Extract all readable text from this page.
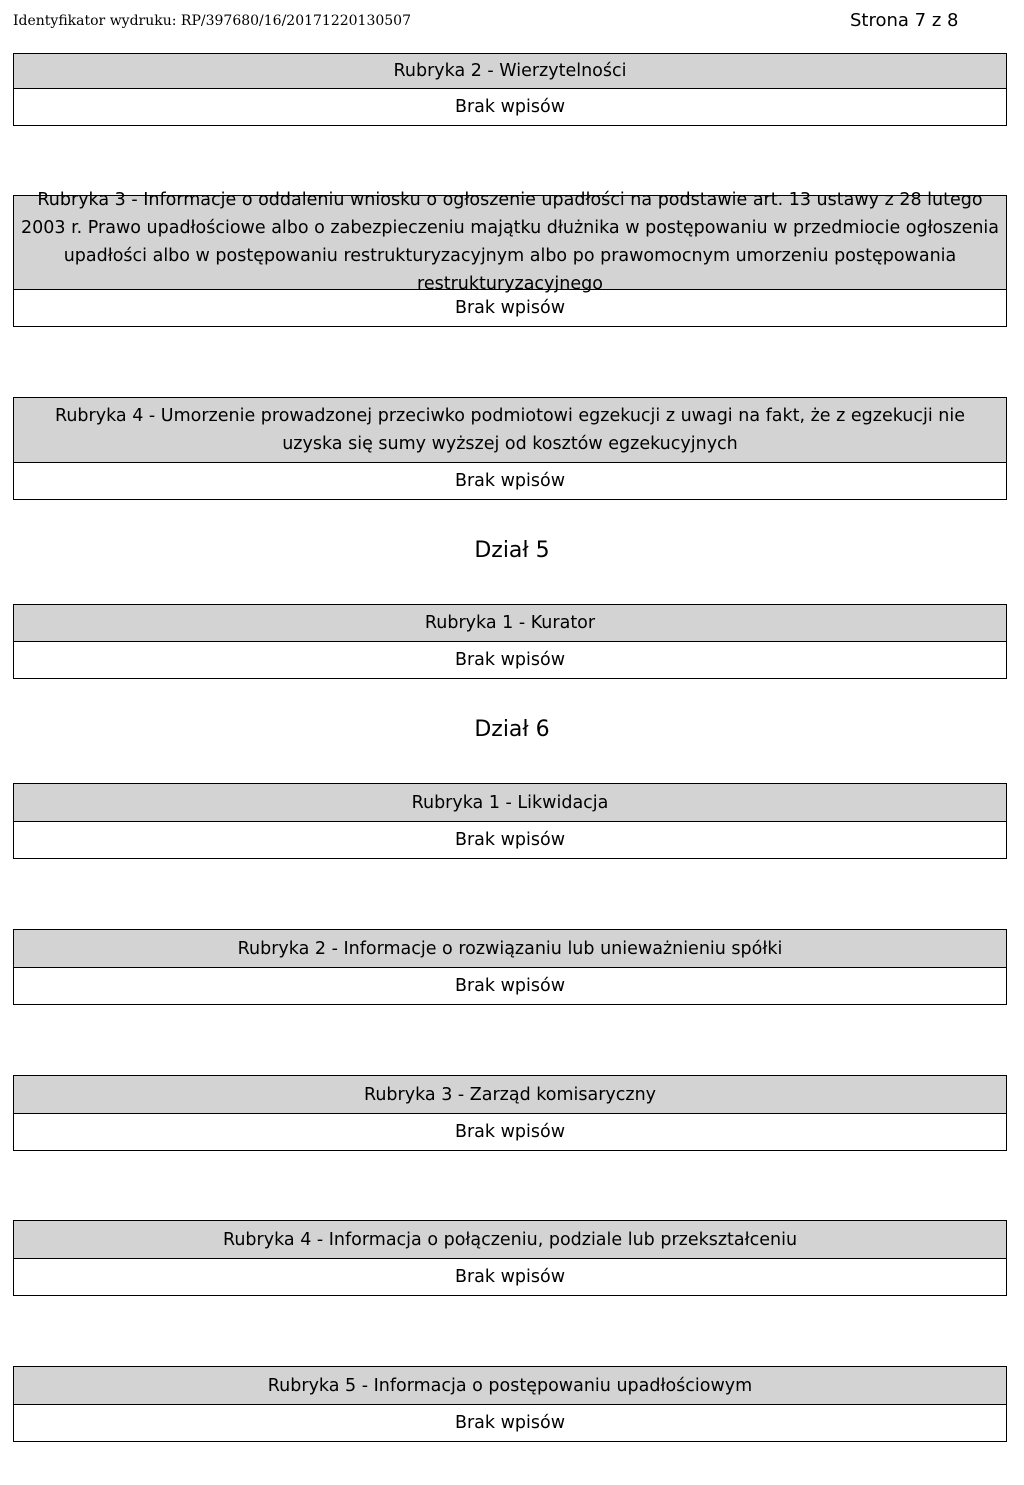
Identyfikator wydruku: RP/397680/16/20171220130507	Strona 7 z 8
Rubryka 2 - Wierzytelności
Brak wpisów
Rubryka 3 - Informacje o oddaleniu wniosku o ogłoszenie upadłości na podstawie art. 13 ustawy z 28 lutego 2003 r. Prawo upadłościowe albo o zabezpieczeniu majątku dłużnika w postępowaniu w przedmiocie ogłoszenia upadłości albo w postępowaniu restrukturyzacyjnym albo po prawomocnym umorzeniu postępowania restrukturyzacyjnego
Brak wpisów
Rubryka 4 - Umorzenie prowadzonej przeciwko podmiotowi egzekucji z uwagi na fakt, że z egzekucji nie uzyska się sumy wyższej od kosztów egzekucyjnych
Brak wpisów
Dział 5
Rubryka 1 - Kurator
Brak wpisów
Dział 6
Rubryka 1 - Likwidacja
Brak wpisów
Rubryka 2 - Informacje o rozwiązaniu lub unieważnieniu spółki
Brak wpisów
Rubryka 3 - Zarząd komisaryczny
Brak wpisów
Rubryka 4 - Informacja o połączeniu, podziale lub przekształceniu
Brak wpisów
Rubryka 5 - Informacja o postępowaniu upadłościowym
Brak wpisów
